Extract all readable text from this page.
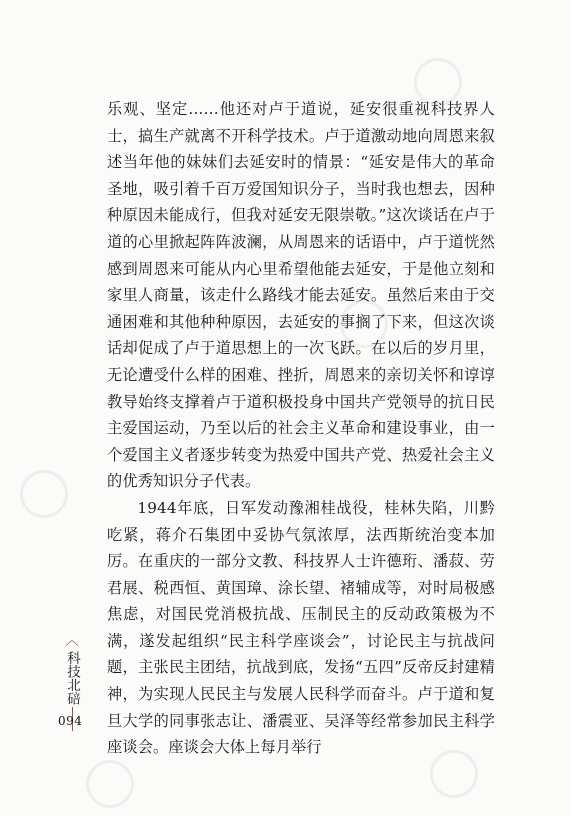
乐观、坚定……他还对卢于道说，延安很重视科技界人士，搞生产就离不开科学技术。卢于道激动地向周恩来叙述当年他的妹妹们去延安时的情景：“延安是伟大的革命圣地，吸引着千百万爱国知识分子，当时我也想去，因种种原因未能成行，但我对延安无限崇敬。”这次谈话在卢于道的心里掀起阵阵波澜，从周恩来的话语中，卢于道恍然感到周恩来可能从内心里希望他能去延安，于是他立刻和家里人商量，该走什么路线才能去延安。虽然后来由于交通困难和其他种种原因，去延安的事搁了下来，但这次谈话却促成了卢于道思想上的一次飞跃。在以后的岁月里，无论遭受什么样的困难、挫折，周恩来的亲切关怀和谆谆教导始终支撑着卢于道积极投身中国共产党领导的抗日民主爱国运动，乃至以后的社会主义革命和建设事业，由一个爱国主义者逐步转变为热爱中国共产党、热爱社会主义的优秀知识分子代表。

1944年底，日军发动豫湘桂战役，桂林失陷，川黔吃紧，蒋介石集团中妥协气氛浓厚，法西斯统治变本加厉。在重庆的一部分文教、科技界人士许德珩、潘菽、劳君展、税西恒、黄国璋、涂长望、褚辅成等，对时局极感焦虑，对国民党消极抗战、压制民主的反动政策极为不满，遂发起组织“民主科学座谈会”，讨论民主与抗战问题，主张民主团结，抗战到底，发扬“五四”反帝反封建精神，为实现人民民主与发展人民科学而奋斗。卢于道和复旦大学的同事张志让、潘震亚、吴泽等经常参加民主科学座谈会。座谈会大体上每月举行

︿
科技北碚
094
